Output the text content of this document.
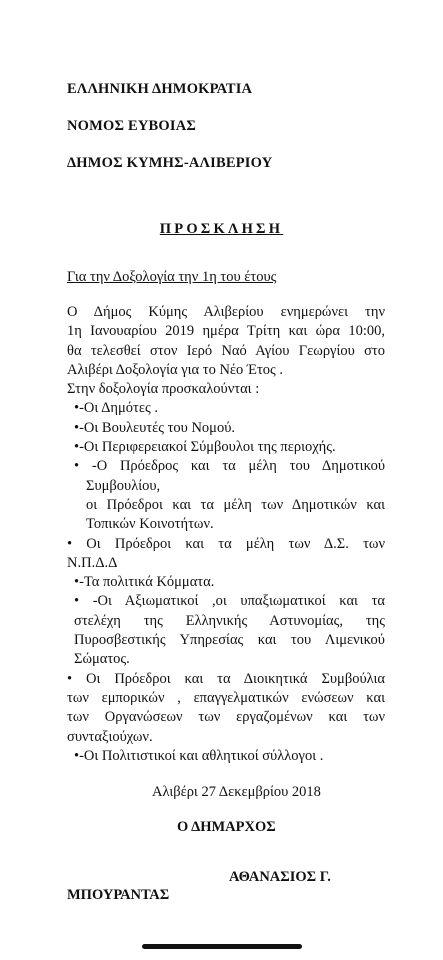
ΕΛΛΗΝΙΚΗ ΔΗΜΟΚΡΑΤΙΑ
ΝΟΜΟΣ ΕΥΒΟΙΑΣ
ΔΗΜΟΣ ΚΥΜΗΣ-ΑΛΙΒΕΡΙΟΥ
ΠΡΟΣΚΛΗΣΗ
Για την Δοξολογία την 1η του έτους

Ο Δήμος Κύμης Αλιβερίου ενημερώνει την

1η Ιανουαρίου 2019 ημέρα Τρίτη και ώρα 10:00,

θα τελεσθεί στον Ιερό Ναό Αγίου Γεωργίου στο

Αλιβέρι Δοξολογία για το Νέο Έτος .

Στην δοξολογία προσκαλούνται :

•-Οι Δημότες .

•-Οι Βουλευτές του Νομού.

•-Οι Περιφερειακοί Σύμβουλοι της περιοχής.

• -Ο Πρόεδρος και τα μέλη του Δημοτικού

Συμβουλίου,

οι Πρόεδροι και τα μέλη των Δημοτικών και

Τοπικών Κοινοτήτων.

• Οι Πρόεδροι και τα μέλη των Δ.Σ. των

Ν.Π.Δ.Δ

•-Τα πολιτικά Κόμματα.

• -Οι Αξιωματικοί ,οι υπαξιωματικοί και τα

στελέχη της Ελληνικής Αστυνομίας, της

Πυροσβεστικής Υπηρεσίας και του Λιμενικού

Σώματος.

• Οι Πρόεδροι και τα Διοικητικά Συμβούλια

των εμπορικών , επαγγελματικών ενώσεων και

των Οργανώσεων των εργαζομένων και των

συνταξιούχων.

•-Οι Πολιτιστικοί και αθλητικοί σύλλογοι .

Αλιβέρι 27 Δεκεμβρίου 2018
Ο ΔΗΜΑΡΧΟΣ
ΑΘΑΝΑΣΙΟΣ Γ.
ΜΠΟΥΡΑΝΤΑΣ
